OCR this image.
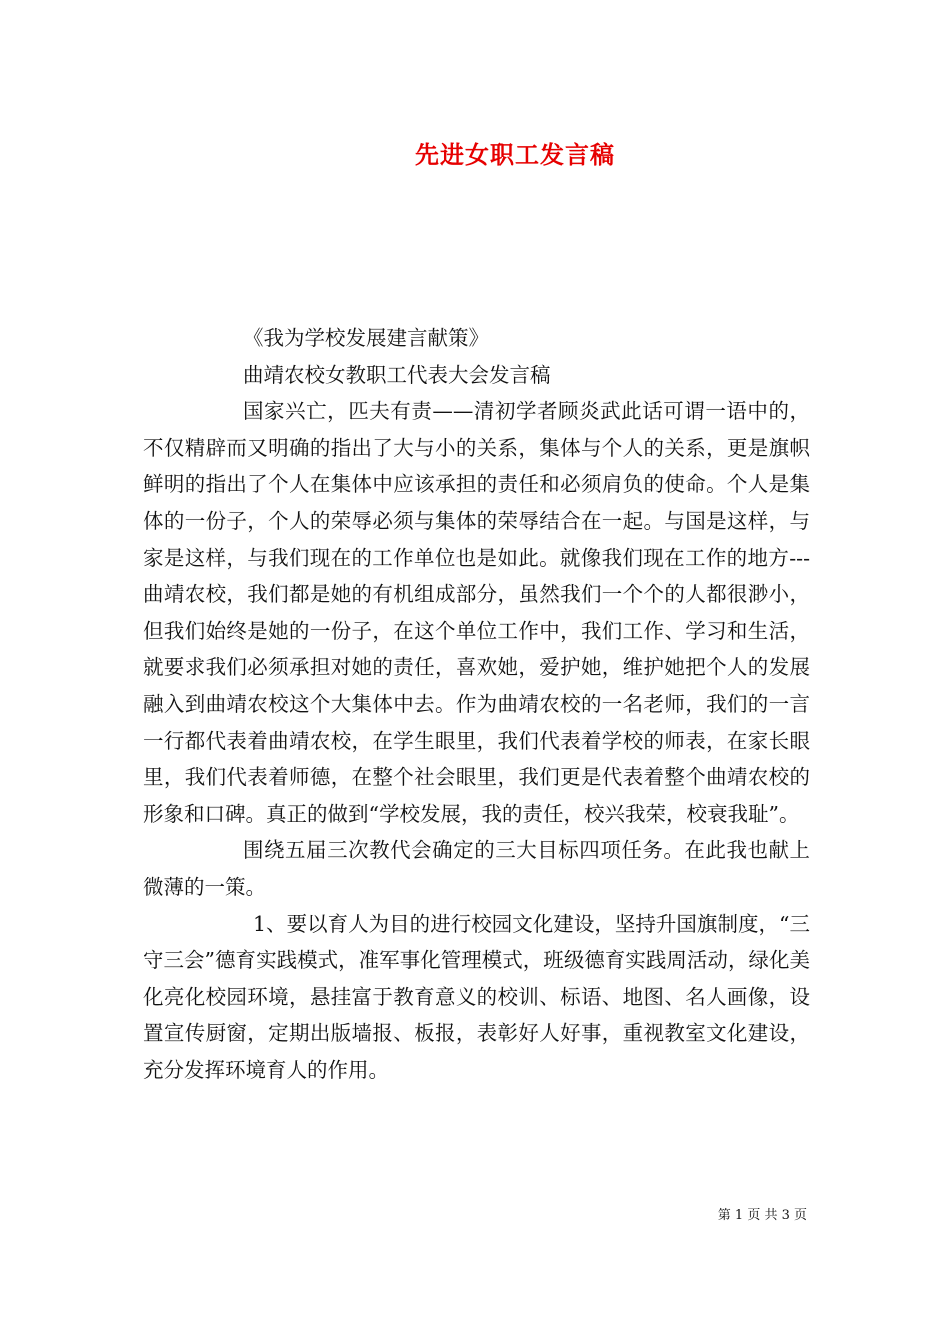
先进女职工发言稿

《我为学校发展建言献策》

曲靖农校女教职工代表大会发言稿

国家兴亡，匹夫有责——清初学者顾炎武此话可谓一语中的，不仅精辟而又明确的指出了大与小的关系，集体与个人的关系，更是旗帜鲜明的指出了个人在集体中应该承担的责任和必须肩负的使命。个人是集体的一份子，个人的荣辱必须与集体的荣辱结合在一起。与国是这样，与家是这样，与我们现在的工作单位也是如此。就像我们现在工作的地方---曲靖农校，我们都是她的有机组成部分，虽然我们一个个的人都很渺小，但我们始终是她的一份子，在这个单位工作中，我们工作、学习和生活，就要求我们必须承担对她的责任，喜欢她，爱护她，维护她把个人的发展融入到曲靖农校这个大集体中去。作为曲靖农校的一名老师，我们的一言一行都代表着曲靖农校，在学生眼里，我们代表着学校的师表，在家长眼里，我们代表着师德，在整个社会眼里，我们更是代表着整个曲靖农校的形象和口碑。真正的做到“学校发展，我的责任，校兴我荣，校衰我耻”。

围绕五届三次教代会确定的三大目标四项任务。在此我也献上微薄的一策。

1、要以育人为目的进行校园文化建设，坚持升国旗制度，“三守三会”德育实践模式，准军事化管理模式，班级德育实践周活动，绿化美化亮化校园环境，悬挂富于教育意义的校训、标语、地图、名人画像，设置宣传厨窗，定期出版墙报、板报，表彰好人好事，重视教室文化建设，充分发挥环境育人的作用。

第 1 页 共 3 页
